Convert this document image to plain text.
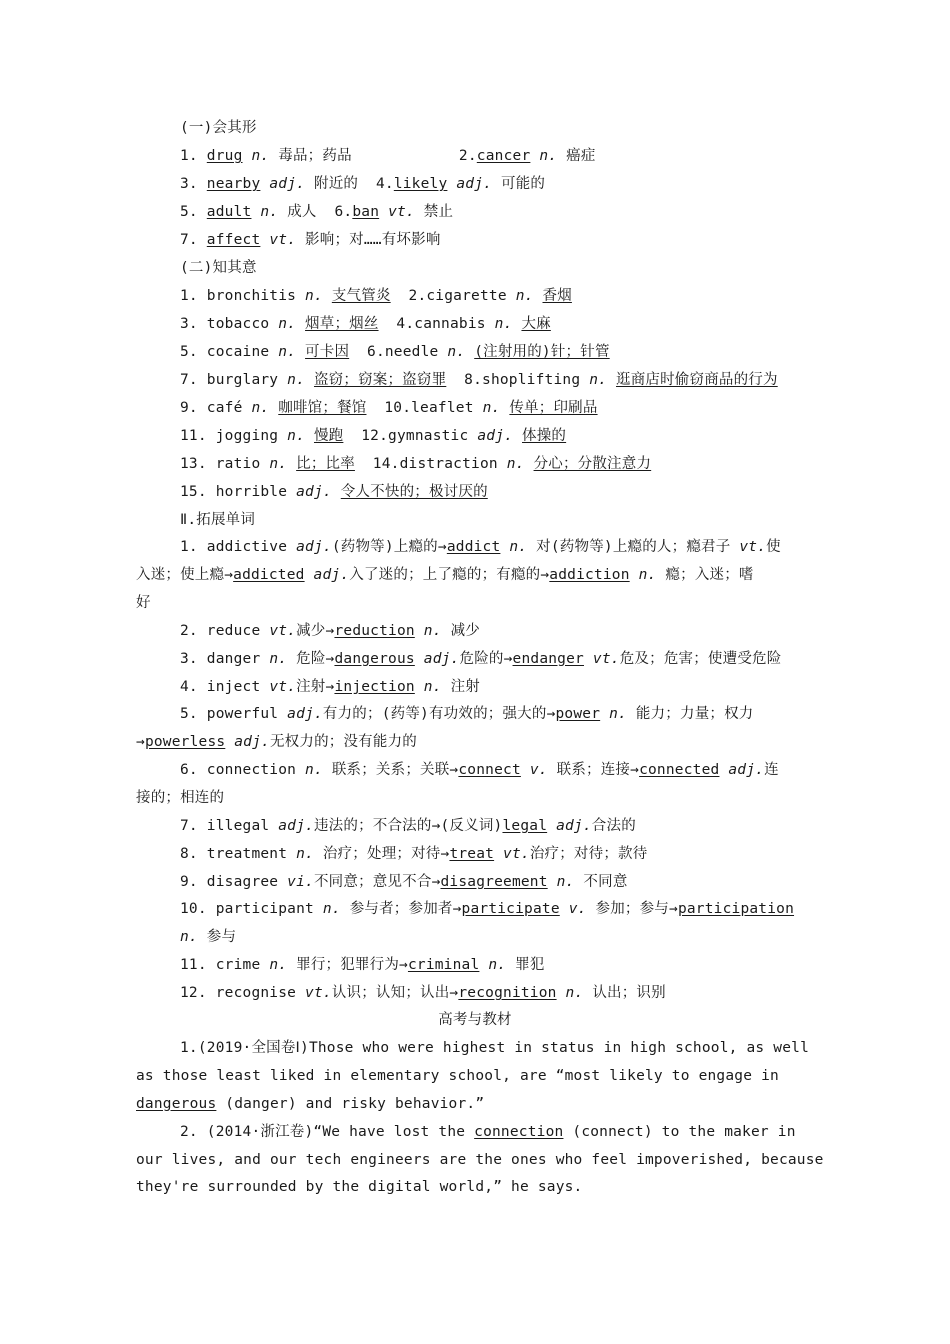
(一)会其形
1. drug n. 毒品；药品            2.cancer n. 癌症
3. nearby adj. 附近的  4.likely adj. 可能的
5. adult n. 成人  6.ban vt. 禁止
7. affect vt. 影响；对……有坏影响
(二)知其意
1. bronchitis n. 支气管炎  2.cigarette n. 香烟
3. tobacco n. 烟草；烟丝  4.cannabis n. 大麻
5. cocaine n. 可卡因  6.needle n. (注射用的)针；针管
7. burglary n. 盗窃；窃案；盗窃罪  8.shoplifting n. 逛商店时偷窃商品的行为
9. café n. 咖啡馆；餐馆  10.leaflet n. 传单；印刷品
11. jogging n. 慢跑  12.gymnastic adj. 体操的
13. ratio n. 比；比率  14.distraction n. 分心；分散注意力
15. horrible adj. 令人不快的；极讨厌的
Ⅱ.拓展单词
1. addictive adj.(药物等)上瘾的→addict n. 对(药物等)上瘾的人；瘾君子 vt.使
入迷；使上瘾→addicted adj.入了迷的；上了瘾的；有瘾的→addiction n. 瘾；入迷；嗜
好
2. reduce vt.减少→reduction n. 减少
3. danger n. 危险→dangerous adj.危险的→endanger vt.危及；危害；使遭受危险
4. inject vt.注射→injection n. 注射
5. powerful adj.有力的；(药等)有功效的；强大的→power n. 能力；力量；权力
→powerless adj.无权力的；没有能力的
6. connection n. 联系；关系；关联→connect v. 联系；连接→connected adj.连
接的；相连的
7. illegal adj.违法的；不合法的→(反义词)legal adj.合法的
8. treatment n. 治疗；处理；对待→treat vt.治疗；对待；款待
9. disagree vi.不同意；意见不合→disagreement n. 不同意
10. participant n. 参与者；参加者→participate v. 参加；参与→participation
n. 参与
11. crime n. 罪行；犯罪行为→criminal n. 罪犯
12. recognise vt.认识；认知；认出→recognition n. 认出；识别
高考与教材
1.(2019·全国卷Ⅰ)Those who were highest in status in high school, as well
as those least liked in elementary school, are “most likely to engage in
dangerous (danger) and risky behavior.”
2. (2014·浙江卷)“We have lost the connection (connect) to the maker in
our lives, and our tech engineers are the ones who feel impoverished, because
they're surrounded by the digital world,” he says.
